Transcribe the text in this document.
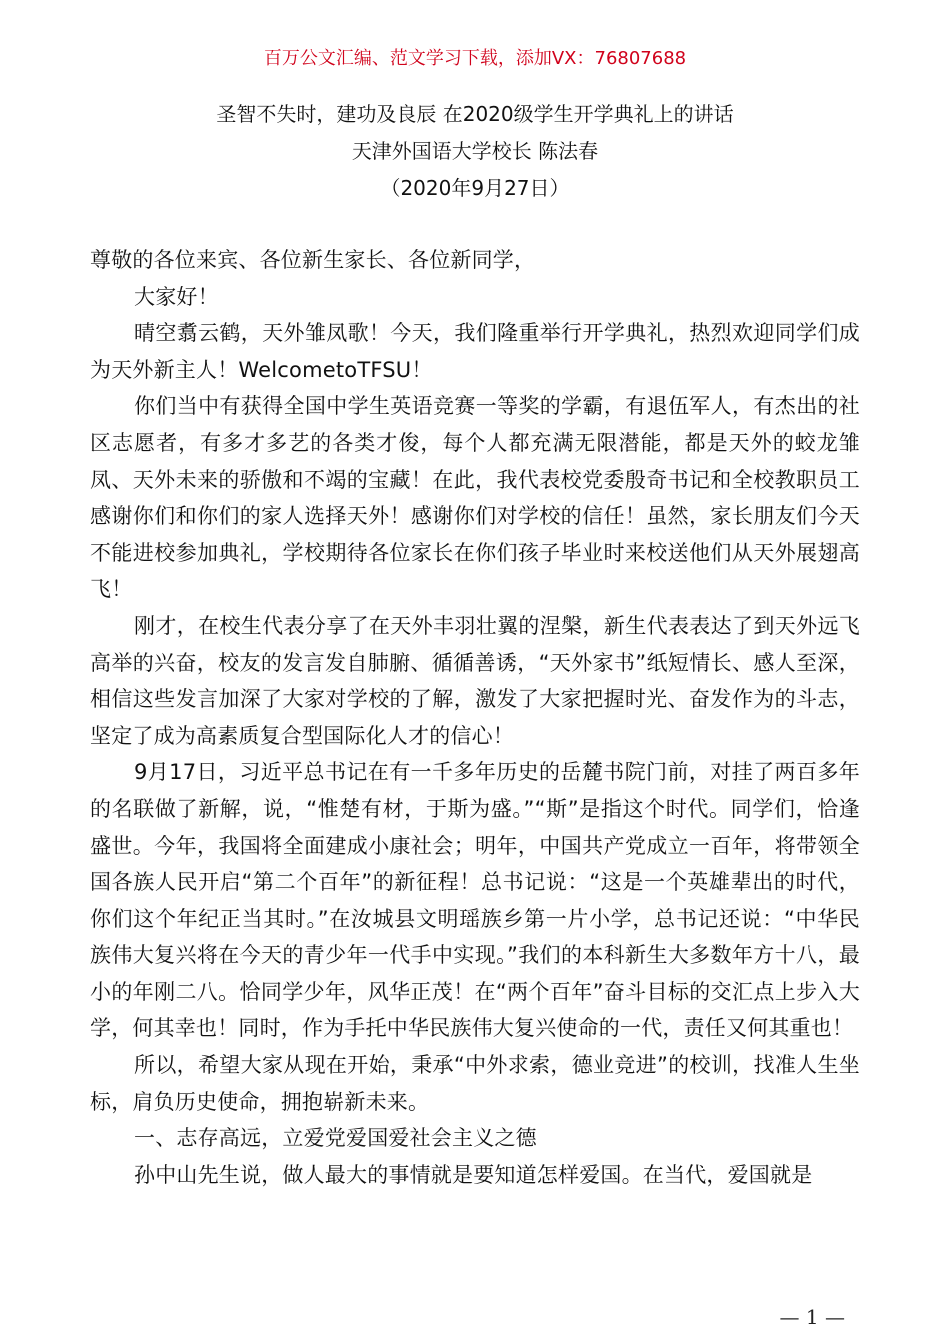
百万公文汇编、范文学习下载，添加VX：76807688
圣智不失时，建功及良辰 在2020级学生开学典礼上的讲话
天津外国语大学校长 陈法春
（2020年9月27日）

尊敬的各位来宾、各位新生家长、各位新同学，

大家好！

晴空翥云鹤，天外雏凤歌！今天，我们隆重举行开学典礼，热烈欢迎同学们成为天外新主人！WelcometoTFSU！

你们当中有获得全国中学生英语竞赛一等奖的学霸，有退伍军人，有杰出的社区志愿者，有多才多艺的各类才俊，每个人都充满无限潜能，都是天外的蛟龙雏凤、天外未来的骄傲和不竭的宝藏！在此，我代表校党委殷奇书记和全校教职员工感谢你们和你们的家人选择天外！感谢你们对学校的信任！虽然，家长朋友们今天不能进校参加典礼，学校期待各位家长在你们孩子毕业时来校送他们从天外展翅高飞！

刚才，在校生代表分享了在天外丰羽壮翼的涅槃，新生代表表达了到天外远飞高举的兴奋，校友的发言发自肺腑、循循善诱，“天外家书”纸短情长、感人至深，相信这些发言加深了大家对学校的了解，激发了大家把握时光、奋发作为的斗志，坚定了成为高素质复合型国际化人才的信心！

9月17日，习近平总书记在有一千多年历史的岳麓书院门前，对挂了两百多年的名联做了新解，说，“惟楚有材，于斯为盛。”“斯”是指这个时代。同学们，恰逢盛世。今年，我国将全面建成小康社会；明年，中国共产党成立一百年，将带领全国各族人民开启“第二个百年”的新征程！总书记说：“这是一个英雄辈出的时代，你们这个年纪正当其时。”在汝城县文明瑶族乡第一片小学，总书记还说：“中华民族伟大复兴将在今天的青少年一代手中实现。”我们的本科新生大多数年方十八，最小的年刚二八。恰同学少年，风华正茂！在“两个百年”奋斗目标的交汇点上步入大学，何其幸也！同时，作为手托中华民族伟大复兴使命的一代，责任又何其重也！

所以，希望大家从现在开始，秉承“中外求索，德业竞进”的校训，找准人生坐标，肩负历史使命，拥抱崭新未来。

一、志存高远，立爱党爱国爱社会主义之德

孙中山先生说，做人最大的事情就是要知道怎样爱国。在当代，爱国就是

— 1 —
